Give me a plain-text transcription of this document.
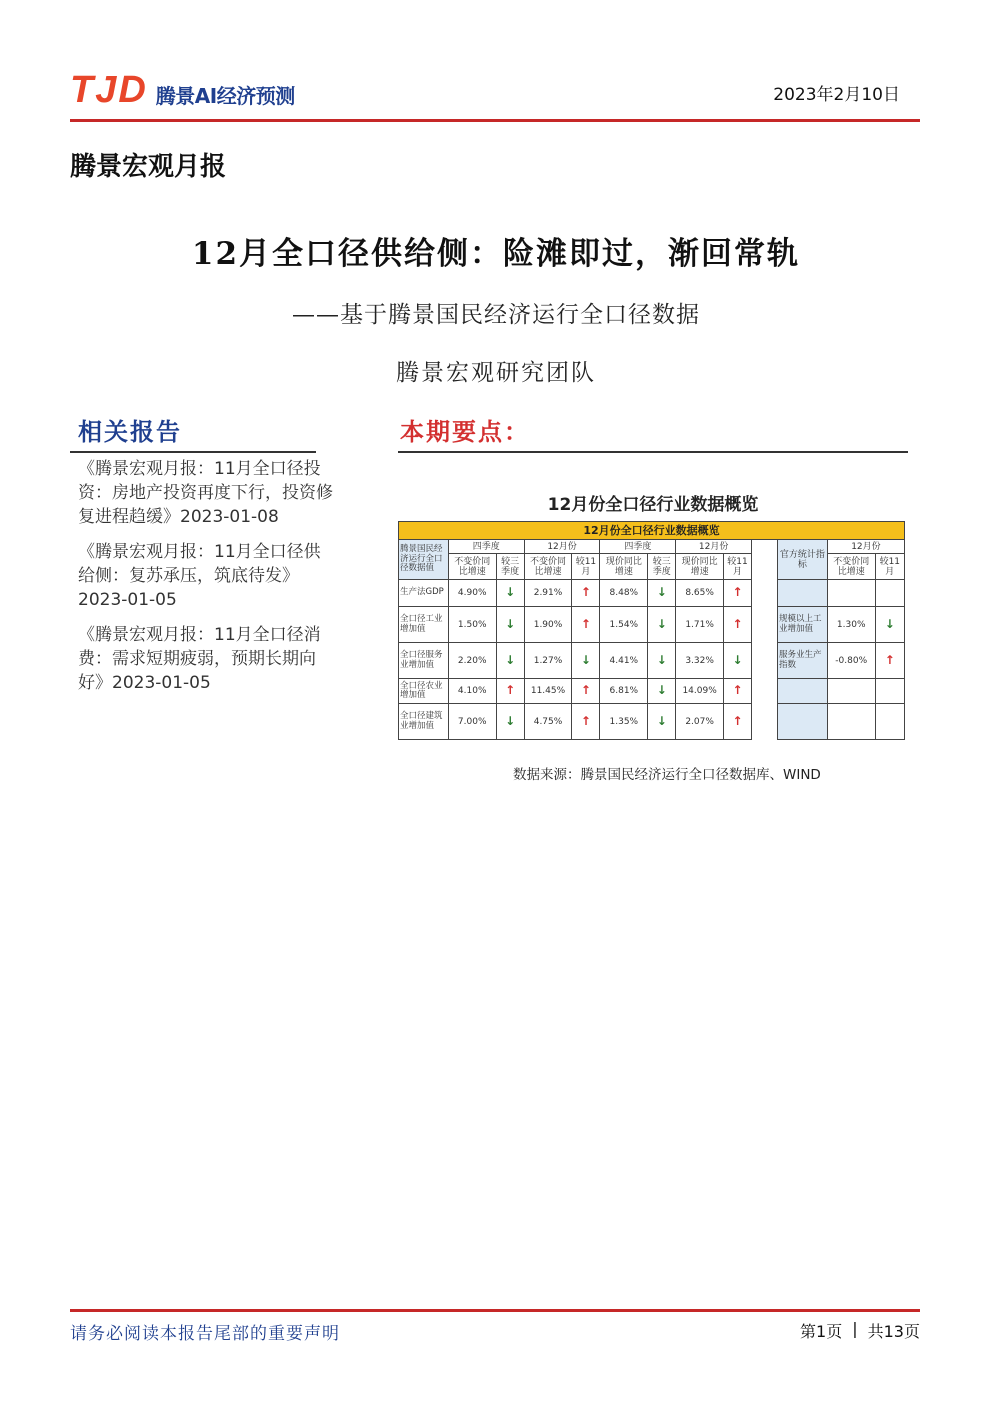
TJD 腾景AI经济预测	2023年2月10日
腾景宏观月报
12月全口径供给侧：险滩即过，渐回常轨
——基于腾景国民经济运行全口径数据
腾景宏观研究团队
相关报告
《腾景宏观月报：11月全口径投资：房地产投资再度下行，投资修复进程趋缓》2023-01-08
《腾景宏观月报：11月全口径供给侧：复苏承压，筑底待发》2023-01-05
《腾景宏观月报：11月全口径消费：需求短期疲弱，预期长期向好》2023-01-05
本期要点：
12月份全口径行业数据概览
12月份全口径行业数据概览												
腾景国民经济运行全口径数据值	四季度		12月份		四季度		12月份			官方统计指标	12月份	
	不变价同比增速	较三季度	不变价同比增速	较11月	现价同比增速	较三季度	现价同比增速	较11月			不变价同比增速	较11月
生产法GDP	4.90%	↓	2.91%	↑	8.48%	↓	8.65%	↑				
全口径工业增加值	1.50%	↓	1.90%	↑	1.54%	↓	1.71%	↑		规模以上工业增加值	1.30%	↓
全口径服务业增加值	2.20%	↓	1.27%	↓	4.41%	↓	3.32%	↓		服务业生产指数	-0.80%	↑
全口径农业增加值	4.10%	↑	11.45%	↑	6.81%	↓	14.09%	↑				
全口径建筑业增加值	7.00%	↓	4.75%	↑	1.35%	↓	2.07%	↑				
数据来源：腾景国民经济运行全口径数据库、WIND
请务必阅读本报告尾部的重要声明	第1页 | 共13页
